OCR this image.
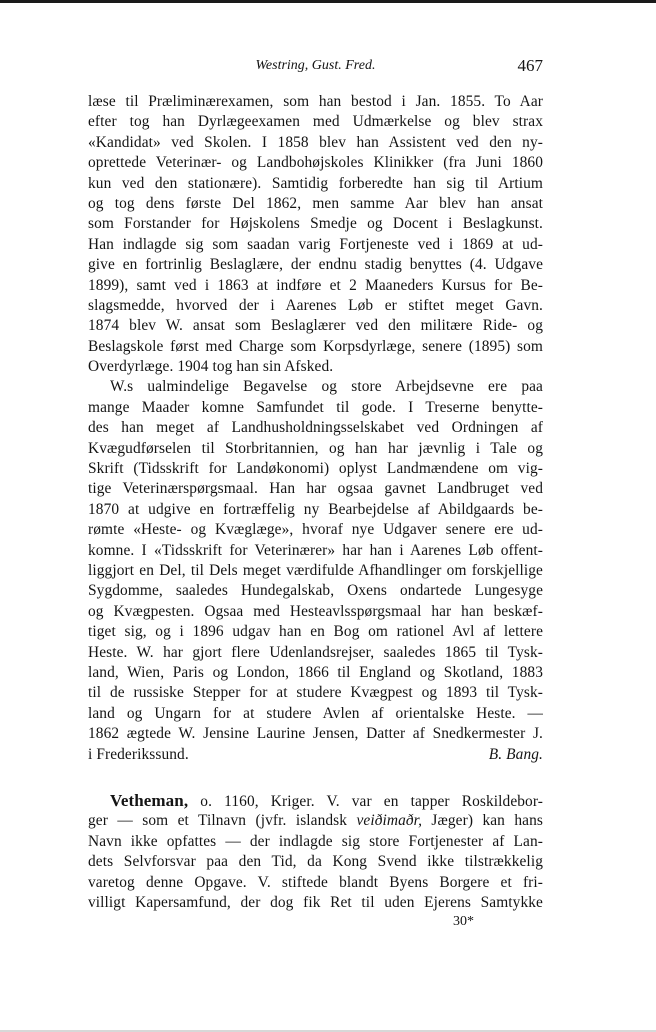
Westring, Gust. Fred.	467
læse til Præliminærexamen, som han bestod i Jan. 1855. To Aar
efter tog han Dyrlægeexamen med Udmærkelse og blev strax
«Kandidat» ved Skolen. I 1858 blev han Assistent ved den ny-
oprettede Veterinær- og Landbohøjskoles Klinikker (fra Juni 1860
kun ved den stationære). Samtidig forberedte han sig til Artium
og tog dens første Del 1862, men samme Aar blev han ansat
som Forstander for Højskolens Smedje og Docent i Beslagkunst.
Han indlagde sig som saadan varig Fortjeneste ved i 1869 at ud-
give en fortrinlig Beslaglære, der endnu stadig benyttes (4. Udgave
1899), samt ved i 1863 at indføre et 2 Maaneders Kursus for Be-
slagsmedde, hvorved der i Aarenes Løb er stiftet meget Gavn.
1874 blev W. ansat som Beslaglærer ved den militære Ride- og
Beslagskole først med Charge som Korpsdyrlæge, senere (1895) som
Overdyrlæge. 1904 tog han sin Afsked.
W.s ualmindelige Begavelse og store Arbejdsevne ere paa
mange Maader komne Samfundet til gode. I Treserne benytte-
des han meget af Landhusholdningsselskabet ved Ordningen af
Kvægudførselen til Storbritannien, og han har jævnlig i Tale og
Skrift (Tidsskrift for Landøkonomi) oplyst Landmændene om vig-
tige Veterinærspørgsmaal. Han har ogsaa gavnet Landbruget ved
1870 at udgive en fortræffelig ny Bearbejdelse af Abildgaards be-
rømte «Heste- og Kvæglæge», hvoraf nye Udgaver senere ere ud-
komne. I «Tidsskrift for Veterinærer» har han i Aarenes Løb offent-
liggjort en Del, til Dels meget værdifulde Afhandlinger om forskjellige
Sygdomme, saaledes Hundegalskab, Oxens ondartede Lungesyge
og Kvægpesten. Ogsaa med Hesteavlsspørgsmaal har han beskæf-
tiget sig, og i 1896 udgav han en Bog om rationel Avl af lettere
Heste. W. har gjort flere Udenlandsrejser, saaledes 1865 til Tysk-
land, Wien, Paris og London, 1866 til England og Skotland, 1883
til de russiske Stepper for at studere Kvægpest og 1893 til Tysk-
land og Ungarn for at studere Avlen af orientalske Heste. —
1862 ægtede W. Jensine Laurine Jensen, Datter af Snedkermester J.
i Frederikssund.	B. Bang.
Vetheman, o. 1160, Kriger. V. var en tapper Roskildebor-
ger — som et Tilnavn (jvfr. islandsk veiðimaðr, Jæger) kan hans
Navn ikke opfattes — der indlagde sig store Fortjenester af Lan-
dets Selvforsvar paa den Tid, da Kong Svend ikke tilstrækkelig
varetog denne Opgave. V. stiftede blandt Byens Borgere et fri-
villigt Kapersamfund, der dog fik Ret til uden Ejerens Samtykke
30*
